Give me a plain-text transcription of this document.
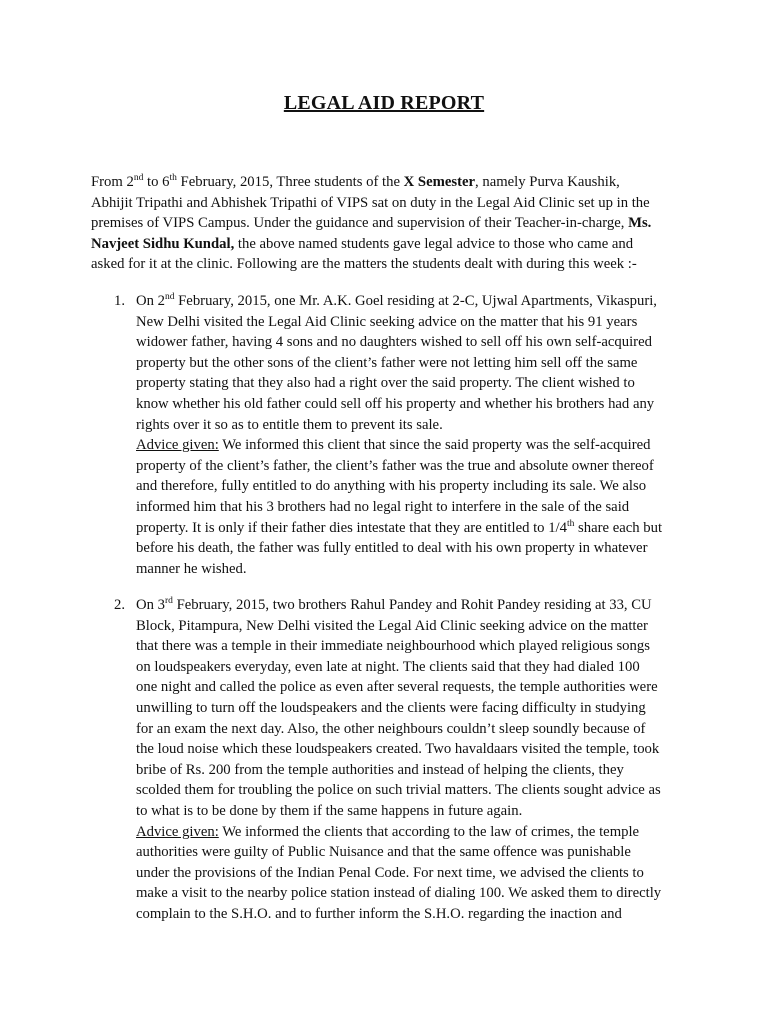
LEGAL AID REPORT

From 2nd to 6th February, 2015, Three students of the X Semester, namely Purva Kaushik,
Abhijit Tripathi and Abhishek Tripathi of VIPS sat on duty in the Legal Aid Clinic set up in the
premises of VIPS Campus. Under the guidance and supervision of their Teacher-in-charge, Ms.
Navjeet Sidhu Kundal, the above named students gave legal advice to those who came and
asked for it at the clinic. Following are the matters the students dealt with during this week :-

1. On 2nd February, 2015, one Mr. A.K. Goel residing at 2-C, Ujwal Apartments, Vikaspuri,
New Delhi visited the Legal Aid Clinic seeking advice on the matter that his 91 years
widower father, having 4 sons and no daughters wished to sell off his own self-acquired
property but the other sons of the client’s father were not letting him sell off the same
property stating that they also had a right over the said property. The client wished to
know whether his old father could sell off his property and whether his brothers had any
rights over it so as to entitle them to prevent its sale.
Advice given: We informed this client that since the said property was the self-acquired
property of the client’s father, the client’s father was the true and absolute owner thereof
and therefore, fully entitled to do anything with his property including its sale. We also
informed him that his 3 brothers had no legal right to interfere in the sale of the said
property. It is only if their father dies intestate that they are entitled to 1/4th share each but
before his death, the father was fully entitled to deal with his own property in whatever
manner he wished.
2. On 3rd February, 2015, two brothers Rahul Pandey and Rohit Pandey residing at 33, CU
Block, Pitampura, New Delhi visited the Legal Aid Clinic seeking advice on the matter
that there was a temple in their immediate neighbourhood which played religious songs
on loudspeakers everyday, even late at night. The clients said that they had dialed 100
one night and called the police as even after several requests, the temple authorities were
unwilling to turn off the loudspeakers and the clients were facing difficulty in studying
for an exam the next day. Also, the other neighbours couldn’t sleep soundly because of
the loud noise which these loudspeakers created. Two havaldaars visited the temple, took
bribe of Rs. 200 from the temple authorities and instead of helping the clients, they
scolded them for troubling the police on such trivial matters. The clients sought advice as
to what is to be done by them if the same happens in future again.
Advice given: We informed the clients that according to the law of crimes, the temple
authorities were guilty of Public Nuisance and that the same offence was punishable
under the provisions of the Indian Penal Code. For next time, we advised the clients to
make a visit to the nearby police station instead of dialing 100. We asked them to directly
complain to the S.H.O. and to further inform the S.H.O. regarding the inaction and
